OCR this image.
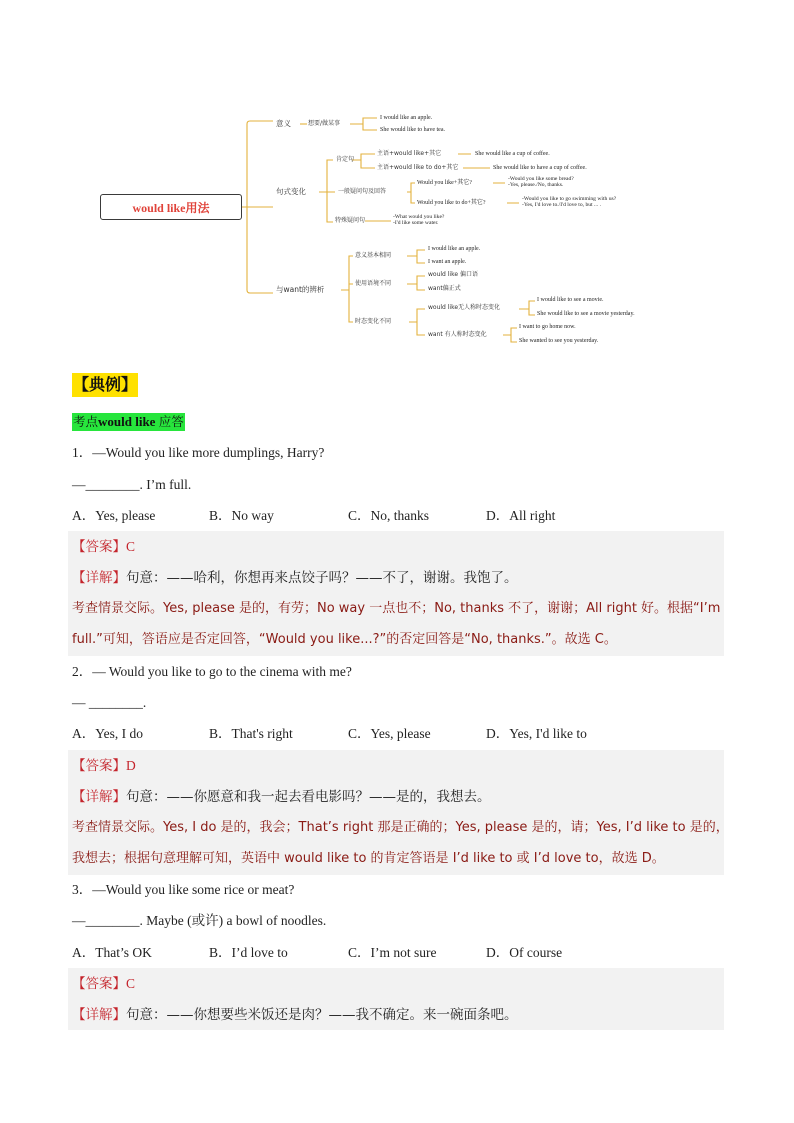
would like用法
意义
句式变化
与want的辨析
想要/做某事
I would like an apple.
She would like to have tea.
肯定句
主语+would like+其它	She would like a cup of coffee.
主语+would like to do+其它	She would like to have a cup of coffee.
一般疑问句及回答
Would you like+其它?
-Would you like some bread?
-Yes, please./No, thanks.
Would you like to do+其它?
-Would you like to go swimming with us?
-Yes, I'd love to./I'd love to, but ... .
特殊疑问句	-What would you like?
-I'd like some water.
意义基本相同
I would like an apple.
I want an apple.
使用语境不同
would like 偏口语
want偏正式
时态变化不同
would like无人称时态变化
I would like to see a movie.
She would like to see a movie yesterday.
want 有人称时态变化
I want to go home now.
She wanted to see you yesterday.
【典例】
考点would like 应答
1．—Would you like more dumplings, Harry?
—________. I’m full.
A．Yes, please	B．No way	C．No, thanks	D．All right
【答案】C
【详解】句意：——哈利，你想再来点饺子吗？——不了，谢谢。我饱了。
考查情景交际。Yes, please 是的，有劳；No way 一点也不；No, thanks 不了，谢谢；All right 好。根据“I’m
full.”可知，答语应是否定回答，“Would you like...?”的否定回答是“No, thanks.”。故选 C。
2．— Would you like to go to the cinema with me?
— ________.
A．Yes, I do	B．That's right	C．Yes, please	D．Yes, I'd like to
【答案】D
【详解】句意：——你愿意和我一起去看电影吗？——是的，我想去。
考查情景交际。Yes, I do 是的，我会；That’s right 那是正确的；Yes, please 是的，请；Yes, I’d like to 是的，
我想去；根据句意理解可知，英语中 would like to 的肯定答语是 I’d like to 或 I’d love to，故选 D。
3．—Would you like some rice or meat?
—________. Maybe (或许) a bowl of noodles.
A．That’s OK	B．I’d love to	C．I’m not sure	D．Of course
【答案】C
【详解】句意：——你想要些米饭还是肉？——我不确定。来一碗面条吧。
